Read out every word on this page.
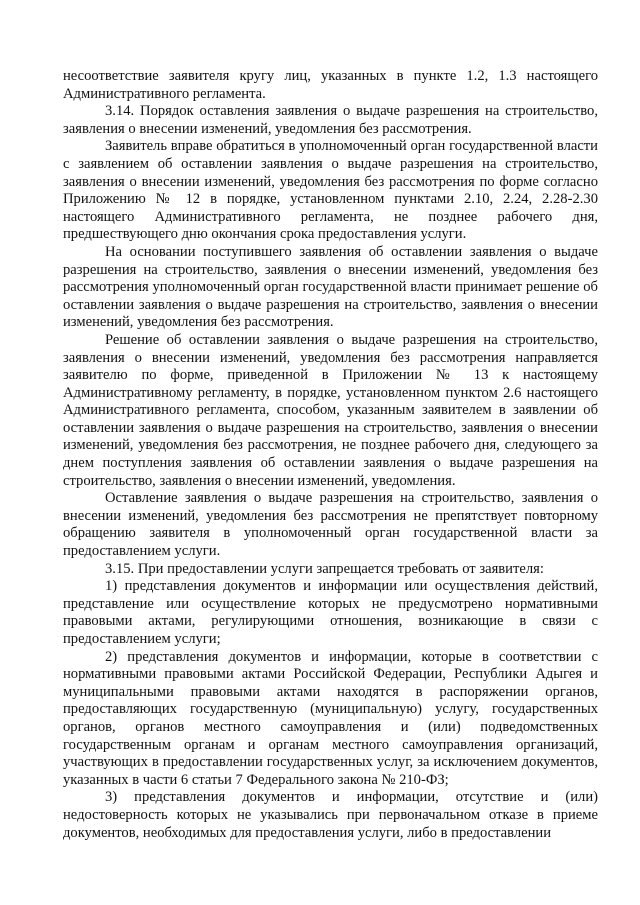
несоответствие заявителя кругу лиц, указанных в пункте 1.2, 1.3 настоящего Административного регламента.

3.14. Порядок оставления заявления о выдаче разрешения на строительство, заявления о внесении изменений, уведомления без рассмотрения.

Заявитель вправе обратиться в уполномоченный орган государственной власти с заявлением об оставлении заявления о выдаче разрешения на строительство, заявления о внесении изменений, уведомления без рассмотрения по форме согласно Приложению № 12 в порядке, установленном пунктами 2.10, 2.24, 2.28-2.30 настоящего Административного регламента, не позднее рабочего дня, предшествующего дню окончания срока предоставления услуги.

На основании поступившего заявления об оставлении заявления о выдаче разрешения на строительство, заявления о внесении изменений, уведомления без рассмотрения уполномоченный орган государственной власти принимает решение об оставлении заявления о выдаче разрешения на строительство, заявления о внесении изменений, уведомления без рассмотрения.

Решение об оставлении заявления о выдаче разрешения на строительство, заявления о внесении изменений, уведомления без рассмотрения направляется заявителю по форме, приведенной в Приложении № 13 к настоящему Административному регламенту, в порядке, установленном пунктом 2.6 настоящего Административного регламента, способом, указанным заявителем в заявлении об оставлении заявления о выдаче разрешения на строительство, заявления о внесении изменений, уведомления без рассмотрения, не позднее рабочего дня, следующего за днем поступления заявления об оставлении заявления о выдаче разрешения на строительство, заявления о внесении изменений, уведомления.

Оставление заявления о выдаче разрешения на строительство, заявления о внесении изменений, уведомления без рассмотрения не препятствует повторному обращению заявителя в уполномоченный орган государственной власти за предоставлением услуги.

3.15. При предоставлении услуги запрещается требовать от заявителя:

1) представления документов и информации или осуществления действий, представление или осуществление которых не предусмотрено нормативными правовыми актами, регулирующими отношения, возникающие в связи с предоставлением услуги;

2) представления документов и информации, которые в соответствии с нормативными правовыми актами Российской Федерации, Республики Адыгея и муниципальными правовыми актами находятся в распоряжении органов, предоставляющих государственную (муниципальную) услугу, государственных органов, органов местного самоуправления и (или) подведомственных государственным органам и органам местного самоуправления организаций, участвующих в предоставлении государственных услуг, за исключением документов, указанных в части 6 статьи 7 Федерального закона № 210-ФЗ;

3) представления документов и информации, отсутствие и (или) недостоверность которых не указывались при первоначальном отказе в приеме документов, необходимых для предоставления услуги, либо в предоставлении
